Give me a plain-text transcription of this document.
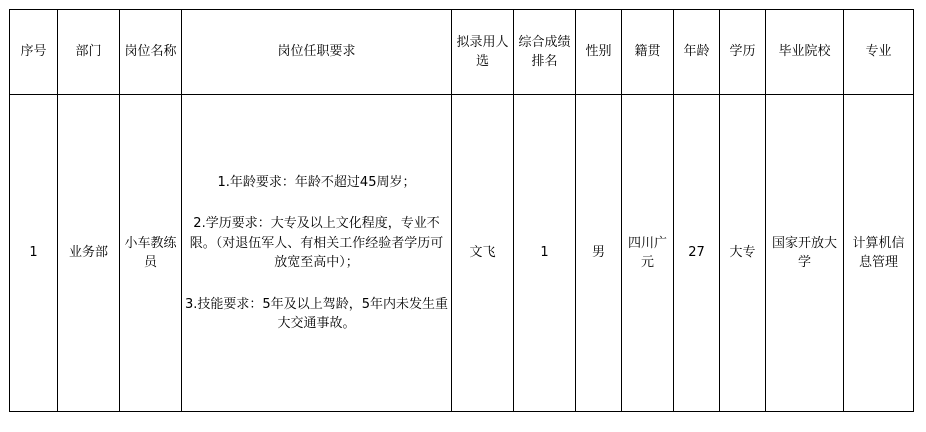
序号	部门	岗位名称	岗位任职要求	拟录用人选	综合成绩排名	性别	籍贯	年龄	学历	毕业院校	专业
1	业务部	小车教练员	1.年龄要求：年龄不超过45周岁；

2.学历要求：大专及以上文化程度，专业不限。（对退伍军人、有相关工作经验者学历可放宽至高中）；

3.技能要求：5年及以上驾龄，5年内未发生重大交通事故。	文飞	1	男	四川广元	27	大专	国家开放大学	计算机信息管理
